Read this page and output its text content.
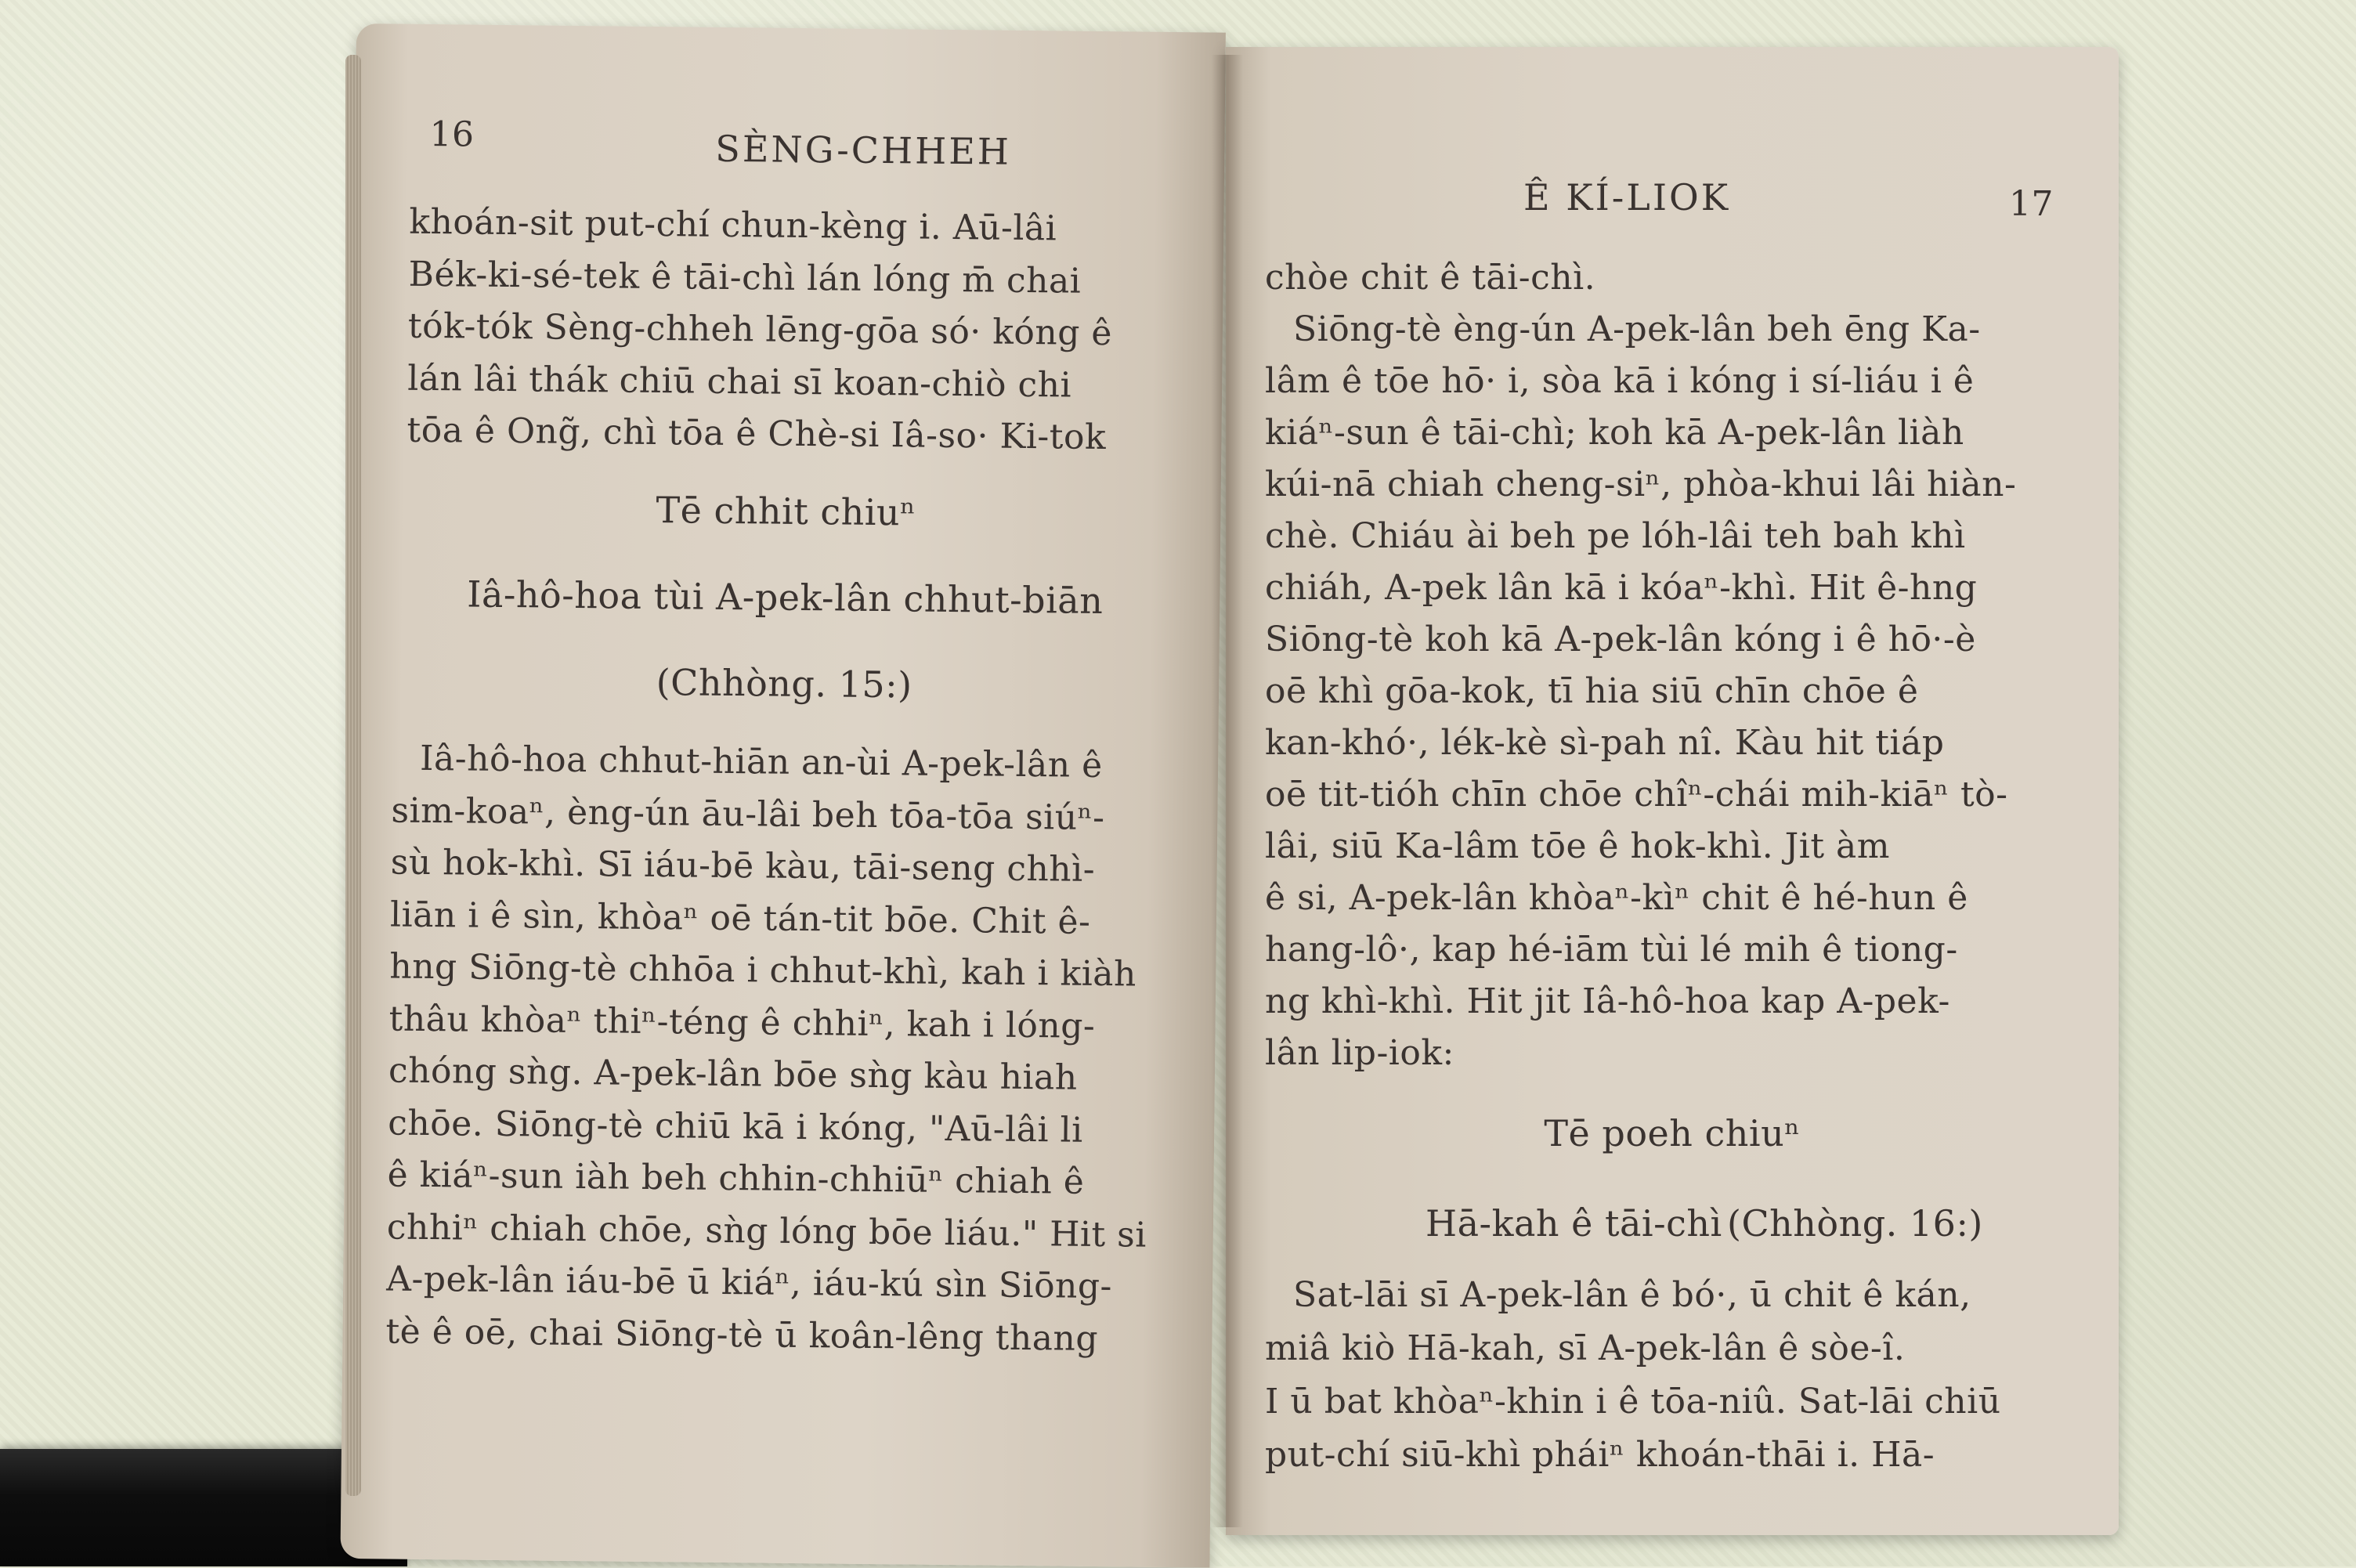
16	SÈNG-CHHEH
khoán-sit put-chí chun-kèng i. Aū-lâi
Bék-ki-sé-tek ê tāi-chì lán lóng m̄ chai
tók-tók Sèng-chheh lēng-gōa só· kóng ê
lán lâi thák chiū chai sī koan-chiò chi
tōa ê Ong̃, chì tōa ê Chè-si Iâ-so· Ki-tok
Tē chhit chiuⁿ
Iâ-hô-hoa tùi A-pek-lân chhut-biān
(Chhòng. 15:)
Iâ-hô-hoa chhut-hiān an-ùi A-pek-lân ê
sim-koaⁿ, èng-ún āu-lâi beh tōa-tōa siúⁿ-
sù hok-khì. Sī iáu-bē kàu, tāi-seng chhì-
liān i ê sìn, khòaⁿ oē tán-tit bōe. Chit ê-
hng Siōng-tè chhōa i chhut-khì, kah i kiàh
thâu khòaⁿ thiⁿ-téng ê chhiⁿ, kah i lóng-
chóng sǹg. A-pek-lân bōe sǹg kàu hiah
chōe. Siōng-tè chiū kā i kóng, "Aū-lâi li
ê kiáⁿ-sun iàh beh chhin-chhiūⁿ chiah ê
chhiⁿ chiah chōe, sǹg lóng bōe liáu." Hit si
A-pek-lân iáu-bē ū kiáⁿ, iáu-kú sìn Siōng-
tè ê oē, chai Siōng-tè ū koân-lêng thang
Ê KÍ-LIOK	17
chòe chit ê tāi-chì.
Siōng-tè èng-ún A-pek-lân beh ēng Ka-
lâm ê tōe hō· i, sòa kā i kóng i sí-liáu i ê
kiáⁿ-sun ê tāi-chì; koh kā A-pek-lân liàh
kúi-nā chiah cheng-siⁿ, phòa-khui lâi hiàn-
chè. Chiáu ài beh pe lóh-lâi teh bah khì
chiáh, A-pek lân kā i kóaⁿ-khì. Hit ê-hng
Siōng-tè koh kā A-pek-lân kóng i ê hō·-è
oē khì gōa-kok, tī hia siū chīn chōe ê
kan-khó·, lék-kè sì-pah nî. Kàu hit tiáp
oē tit-tióh chīn chōe chîⁿ-chái mih-kiāⁿ tò-
lâi, siū Ka-lâm tōe ê hok-khì. Jit àm
ê si, A-pek-lân khòaⁿ-kìⁿ chit ê hé-hun ê
hang-lô·, kap hé-iām tùi lé mih ê tiong-
ng khì-khì. Hit jit Iâ-hô-hoa kap A-pek-
lân lip-iok:
Tē poeh chiuⁿ
Hā-kah ê tāi-chì (Chhòng. 16:)
Sat-lāi sī A-pek-lân ê bó·, ū chit ê kán,
miâ kiò Hā-kah, sī A-pek-lân ê sòe-î.
I ū bat khòaⁿ-khin i ê tōa-niû. Sat-lāi chiū
put-chí siū-khì pháiⁿ khoán-thāi i. Hā-
